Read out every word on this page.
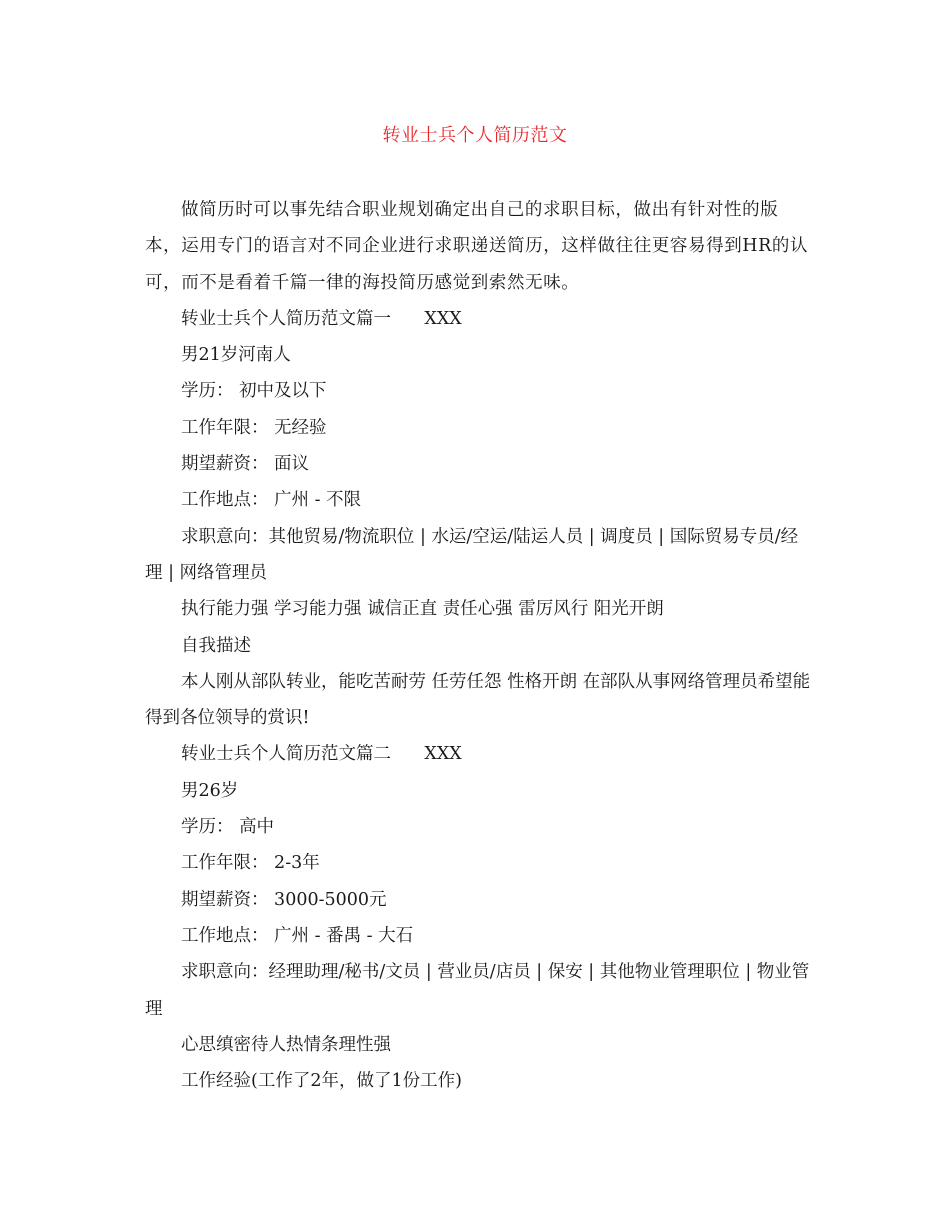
转业士兵个人简历范文

做简历时可以事先结合职业规划确定出自己的求职目标，做出有针对性的版本，运用专门的语言对不同企业进行求职递送简历，这样做往往更容易得到HR的认可，而不是看着千篇一律的海投简历感觉到索然无味。

转业士兵个人简历范文篇一      XXX

男21岁河南人

学历： 初中及以下

工作年限： 无经验

期望薪资： 面议

工作地点： 广州 - 不限

求职意向：其他贸易/物流职位 | 水运/空运/陆运人员 | 调度员 | 国际贸易专员/经理 | 网络管理员

执行能力强 学习能力强 诚信正直 责任心强 雷厉风行 阳光开朗

自我描述

本人刚从部队转业，能吃苦耐劳 任劳任怨 性格开朗 在部队从事网络管理员希望能得到各位领导的赏识!

转业士兵个人简历范文篇二      XXX

男26岁

学历： 高中

工作年限： 2-3年

期望薪资： 3000-5000元

工作地点： 广州 - 番禺 - 大石

求职意向：经理助理/秘书/文员 | 营业员/店员 | 保安 | 其他物业管理职位 | 物业管理

心思缜密待人热情条理性强

工作经验(工作了2年，做了1份工作)
